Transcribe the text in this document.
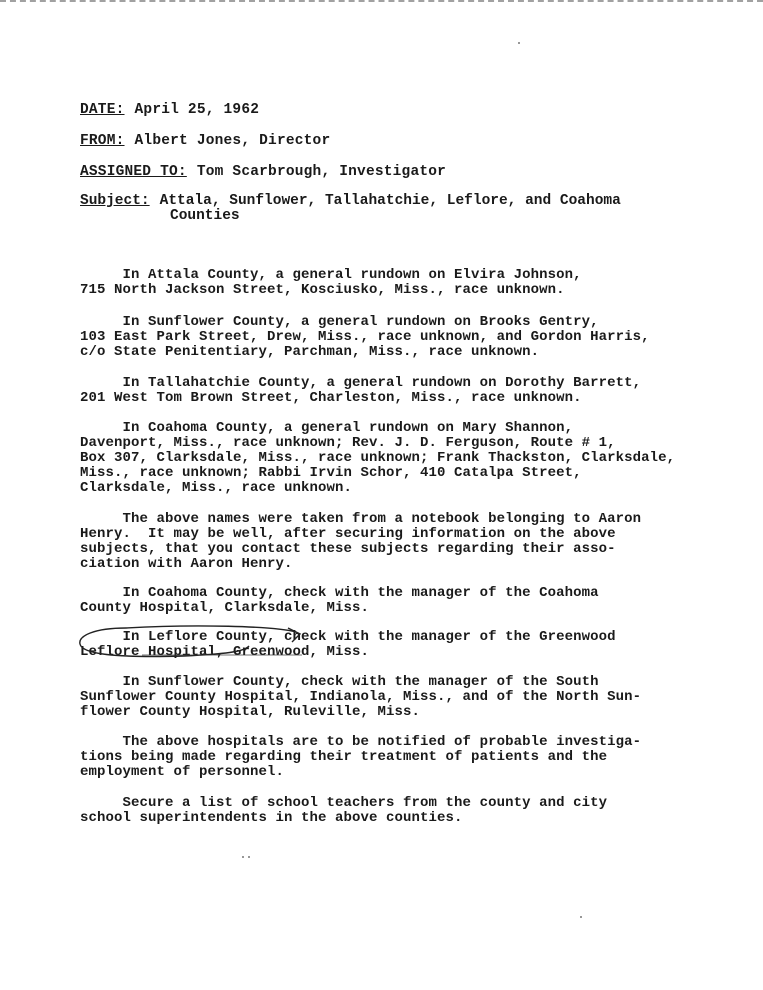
DATE: April 25, 1962
FROM: Albert Jones, Director
ASSIGNED TO: Tom Scarbrough, Investigator
Subject: Attala, Sunflower, Tallahatchie, Leflore, and Coahoma
Counties
In Attala County, a general rundown on Elvira Johnson,
715 North Jackson Street, Kosciusko, Miss., race unknown.
In Sunflower County, a general rundown on Brooks Gentry,
103 East Park Street, Drew, Miss., race unknown, and Gordon Harris,
c/o State Penitentiary, Parchman, Miss., race unknown.
In Tallahatchie County, a general rundown on Dorothy Barrett,
201 West Tom Brown Street, Charleston, Miss., race unknown.
In Coahoma County, a general rundown on Mary Shannon,
Davenport, Miss., race unknown; Rev. J. D. Ferguson, Route # 1,
Box 307, Clarksdale, Miss., race unknown; Frank Thackston, Clarksdale,
Miss., race unknown; Rabbi Irvin Schor, 410 Catalpa Street,
Clarksdale, Miss., race unknown.
The above names were taken from a notebook belonging to Aaron
Henry.  It may be well, after securing information on the above
subjects, that you contact these subjects regarding their asso-
ciation with Aaron Henry.
In Coahoma County, check with the manager of the Coahoma
County Hospital, Clarksdale, Miss.
In Leflore County, check with the manager of the Greenwood
Leflore Hospital, Greenwood, Miss.
In Sunflower County, check with the manager of the South
Sunflower County Hospital, Indianola, Miss., and of the North Sun-
flower County Hospital, Ruleville, Miss.
The above hospitals are to be notified of probable investiga-
tions being made regarding their treatment of patients and the
employment of personnel.
Secure a list of school teachers from the county and city
school superintendents in the above counties.
